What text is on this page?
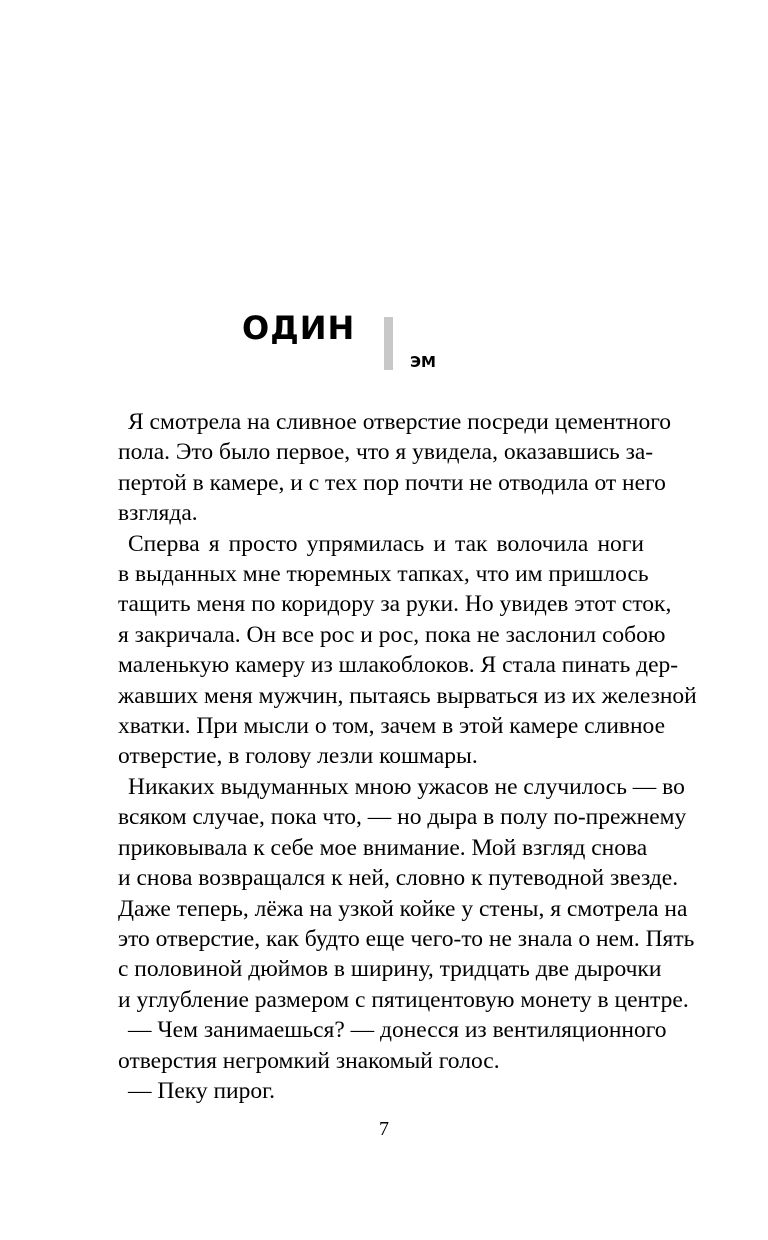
ОДИН
ЭМ
Я смотрела на сливное отверстие посреди цементного
пола. Это было первое, что я увидела, оказавшись за-
пертой в камере, и с тех пор почти не отводила от него
взгляда.
Сперва я просто упрямилась и так волочила ноги
в выданных мне тюремных тапках, что им пришлось
тащить меня по коридору за руки. Но увидев этот сток,
я закричала. Он все рос и рос, пока не заслонил собою
маленькую камеру из шлакоблоков. Я стала пинать дер-
жавших меня мужчин, пытаясь вырваться из их железной
хватки. При мысли о том, зачем в этой камере сливное
отверстие, в голову лезли кошмары.
Никаких выдуманных мною ужасов не случилось — во
всяком случае, пока что, — но дыра в полу по-прежнему
приковывала к себе мое внимание. Мой взгляд снова
и снова возвращался к ней, словно к путеводной звезде.
Даже теперь, лёжа на узкой койке у стены, я смотрела на
это отверстие, как будто еще чего-то не знала о нем. Пять
с половиной дюймов в ширину, тридцать две дырочки
и углубление размером с пятицентовую монету в центре.
— Чем занимаешься? — донесся из вентиляционного
отверстия негромкий знакомый голос.
— Пеку пирог.
7
